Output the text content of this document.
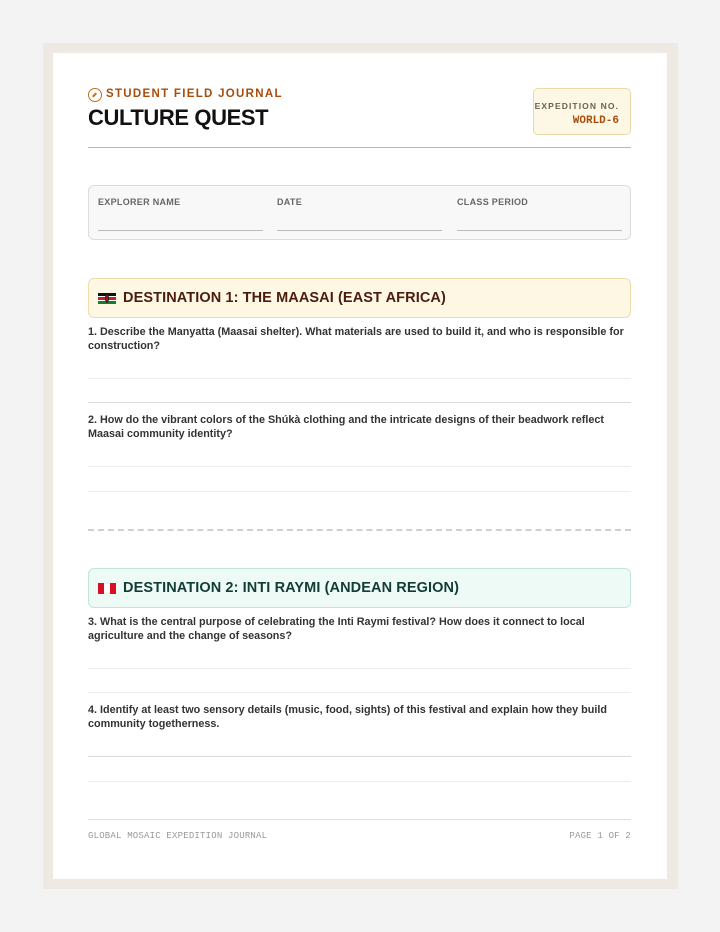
STUDENT FIELD JOURNAL
CULTURE QUEST	EXPEDITION NO.
WORLD-6
EXPLORER NAME	DATE	CLASS PERIOD
DESTINATION 1: THE MAASAI (EAST AFRICA)
1. Describe the Manyatta (Maasai shelter). What materials are used to build it, and who is responsible for construction?
2. How do the vibrant colors of the Shúkà clothing and the intricate designs of their beadwork reflect Maasai community identity?
DESTINATION 2: INTI RAYMI (ANDEAN REGION)
3. What is the central purpose of celebrating the Inti Raymi festival? How does it connect to local agriculture and the change of seasons?
4. Identify at least two sensory details (music, food, sights) of this festival and explain how they build community togetherness.
GLOBAL MOSAIC EXPEDITION JOURNAL	PAGE 1 OF 2
